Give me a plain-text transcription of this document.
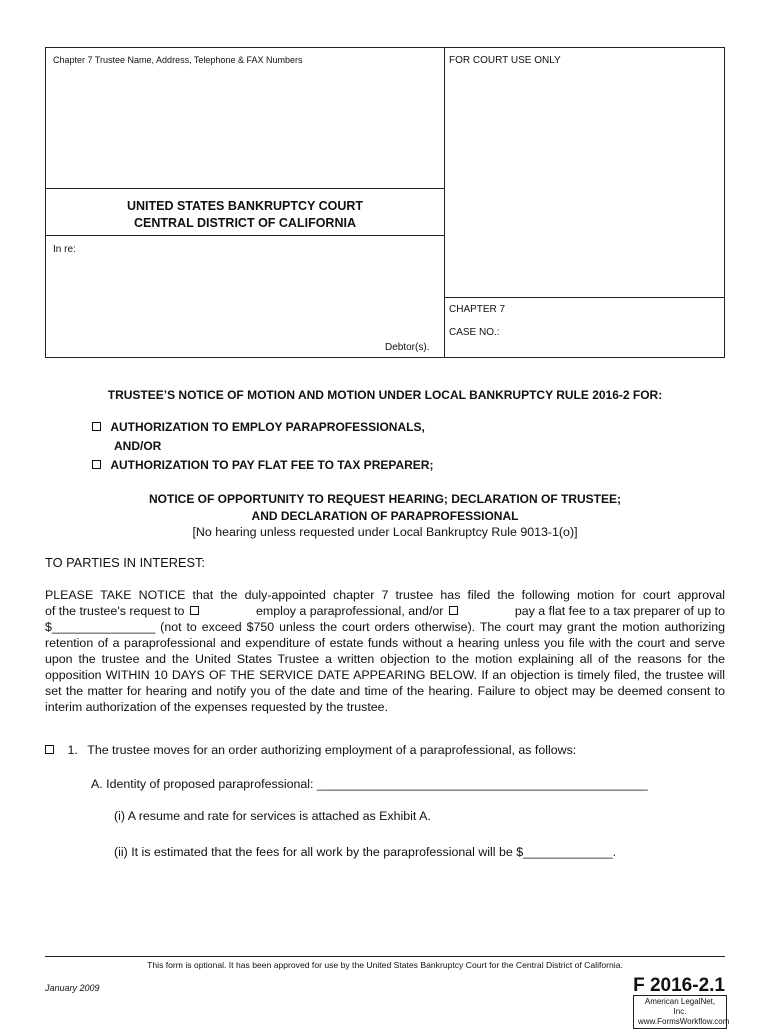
Chapter 7 Trustee Name, Address, Telephone & FAX Numbers	FOR COURT USE ONLY
UNITED STATES BANKRUPTCY COURT
CENTRAL DISTRICT OF CALIFORNIA
In re:
CHAPTER 7
CASE NO.:
Debtor(s).
TRUSTEE’S NOTICE OF MOTION AND MOTION UNDER LOCAL BANKRUPTCY RULE 2016-2 FOR:
AUTHORIZATION TO EMPLOY PARAPROFESSIONALS,
AND/OR
AUTHORIZATION TO PAY FLAT FEE TO TAX PREPARER;
NOTICE OF OPPORTUNITY TO REQUEST HEARING; DECLARATION OF TRUSTEE;
AND DECLARATION OF PARAPROFESSIONAL
[No hearing unless requested under Local Bankruptcy Rule 9013-1(o)]
TO PARTIES IN INTEREST:
PLEASE TAKE NOTICE that the duly-appointed chapter 7 trustee has filed the following motion for court approval
of the trustee's request to	employ a paraprofessional, and/or	pay a flat fee to a tax preparer of up to
$_______________ (not to exceed $750 unless the court orders otherwise). The court may grant the motion authorizing retention of a paraprofessional and expenditure of estate funds without a hearing unless you file with the court and serve upon the trustee and the United States Trustee a written objection to the motion explaining all of the reasons for the opposition WITHIN 10 DAYS OF THE SERVICE DATE APPEARING BELOW. If an objection is timely filed, the trustee will set the matter for hearing and notify you of the date and time of the hearing. Failure to object may be deemed consent to interim authorization of the expenses requested by the trustee.
1. The trustee moves for an order authorizing employment of a paraprofessional, as follows:
A. Identity of proposed paraprofessional: ________________________________________________
(i) A resume and rate for services is attached as Exhibit A.
(ii) It is estimated that the fees for all work by the paraprofessional will be $_____________.
This form is optional. It has been approved for use by the United States Bankruptcy Court for the Central District of California.
January 2009	F 2016-2.1
American LegalNet, Inc.
www.FormsWorkflow.com
